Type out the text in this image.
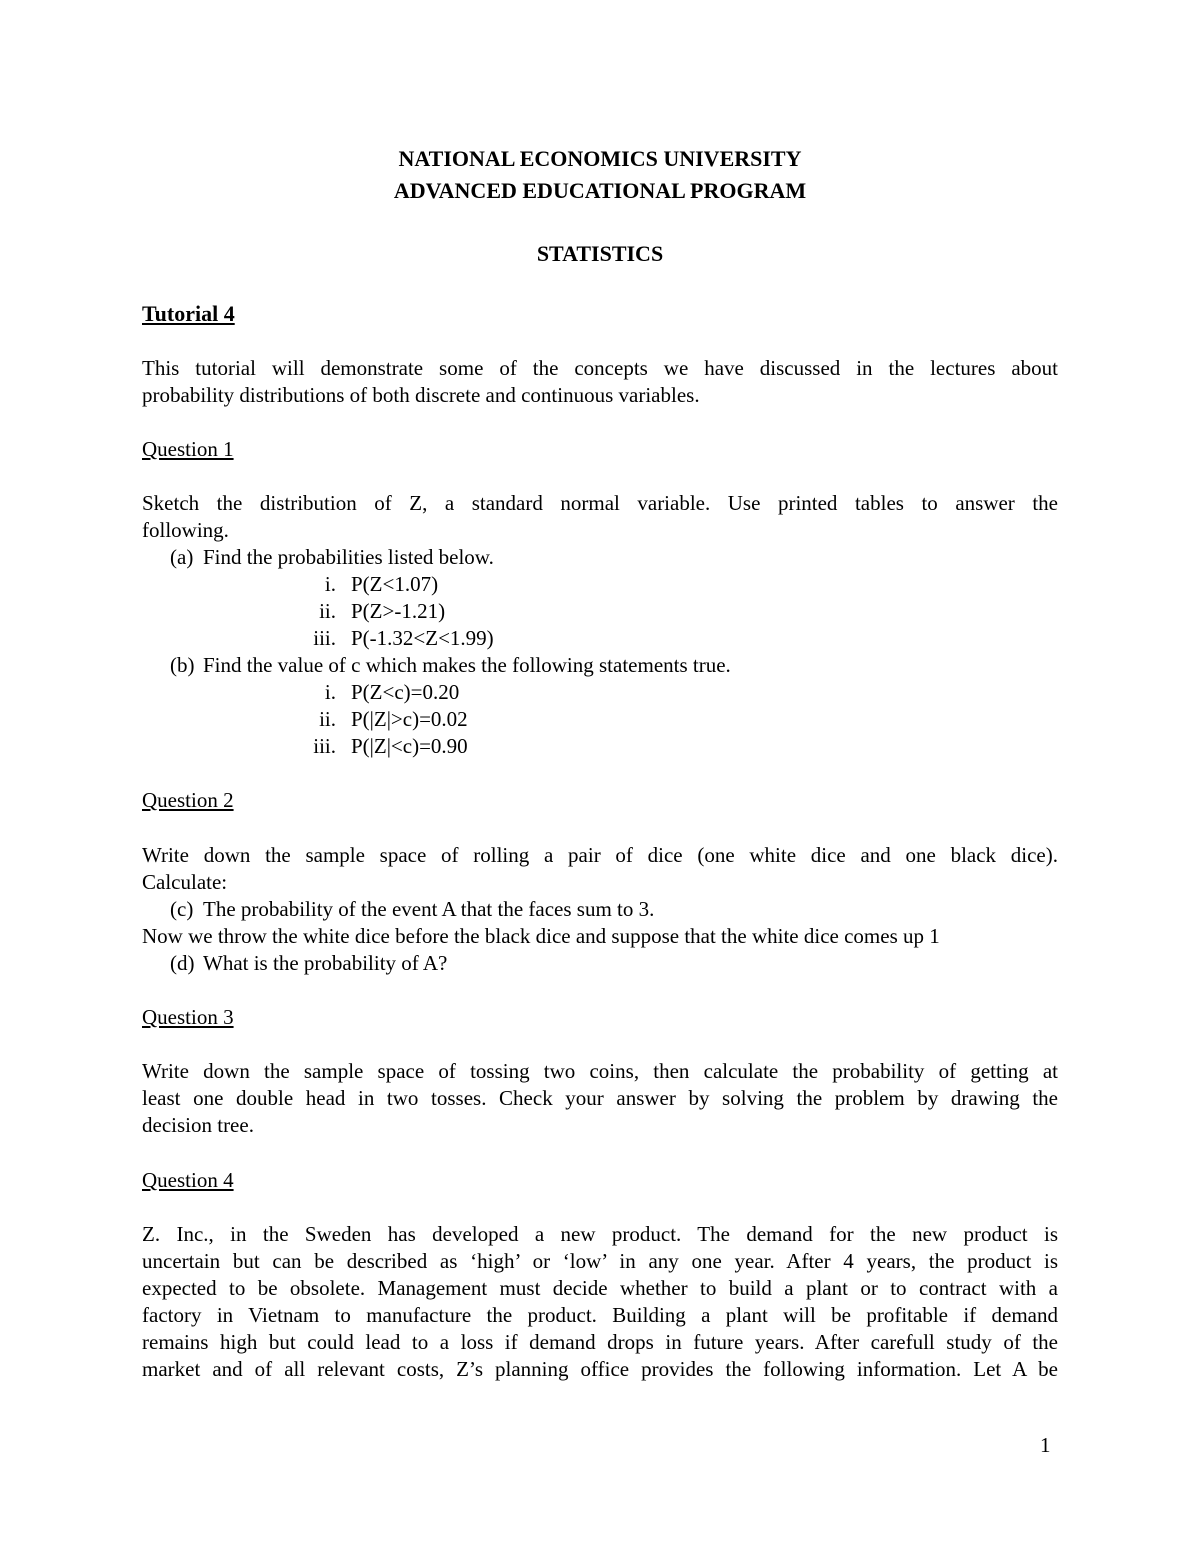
NATIONAL ECONOMICS UNIVERSITY
ADVANCED EDUCATIONAL PROGRAM
STATISTICS
Tutorial 4
This tutorial will demonstrate some of the concepts we have discussed in the lectures about
probability distributions of both discrete and continuous variables.
Question 1
Sketch the distribution of Z, a standard normal variable. Use printed tables to answer the
following.
(a) Find the probabilities listed below.
i. P(Z<1.07)
ii. P(Z>-1.21)
iii. P(-1.32<Z<1.99)
(b) Find the value of c which makes the following statements true.
i. P(Z<c)=0.20
ii. P(|Z|>c)=0.02
iii. P(|Z|<c)=0.90
Question 2
Write down the sample space of rolling a pair of dice (one white dice and one black dice).
Calculate:
(c) The probability of the event A that the faces sum to 3.
Now we throw the white dice before the black dice and suppose that the white dice comes up 1
(d) What is the probability of A?
Question 3
Write down the sample space of tossing two coins, then calculate the probability of getting at
least one double head in two tosses. Check your answer by solving the problem by drawing the
decision tree.
Question 4
Z. Inc., in the Sweden has developed a new product. The demand for the new product is
uncertain but can be described as ‘high’ or ‘low’ in any one year. After 4 years, the product is
expected to be obsolete. Management must decide whether to build a plant or to contract with a
factory in Vietnam to manufacture the product. Building a plant will be profitable if demand
remains high but could lead to a loss if demand drops in future years. After carefull study of the
market and of all relevant costs, Z’s planning office provides the following information. Let A be
1
